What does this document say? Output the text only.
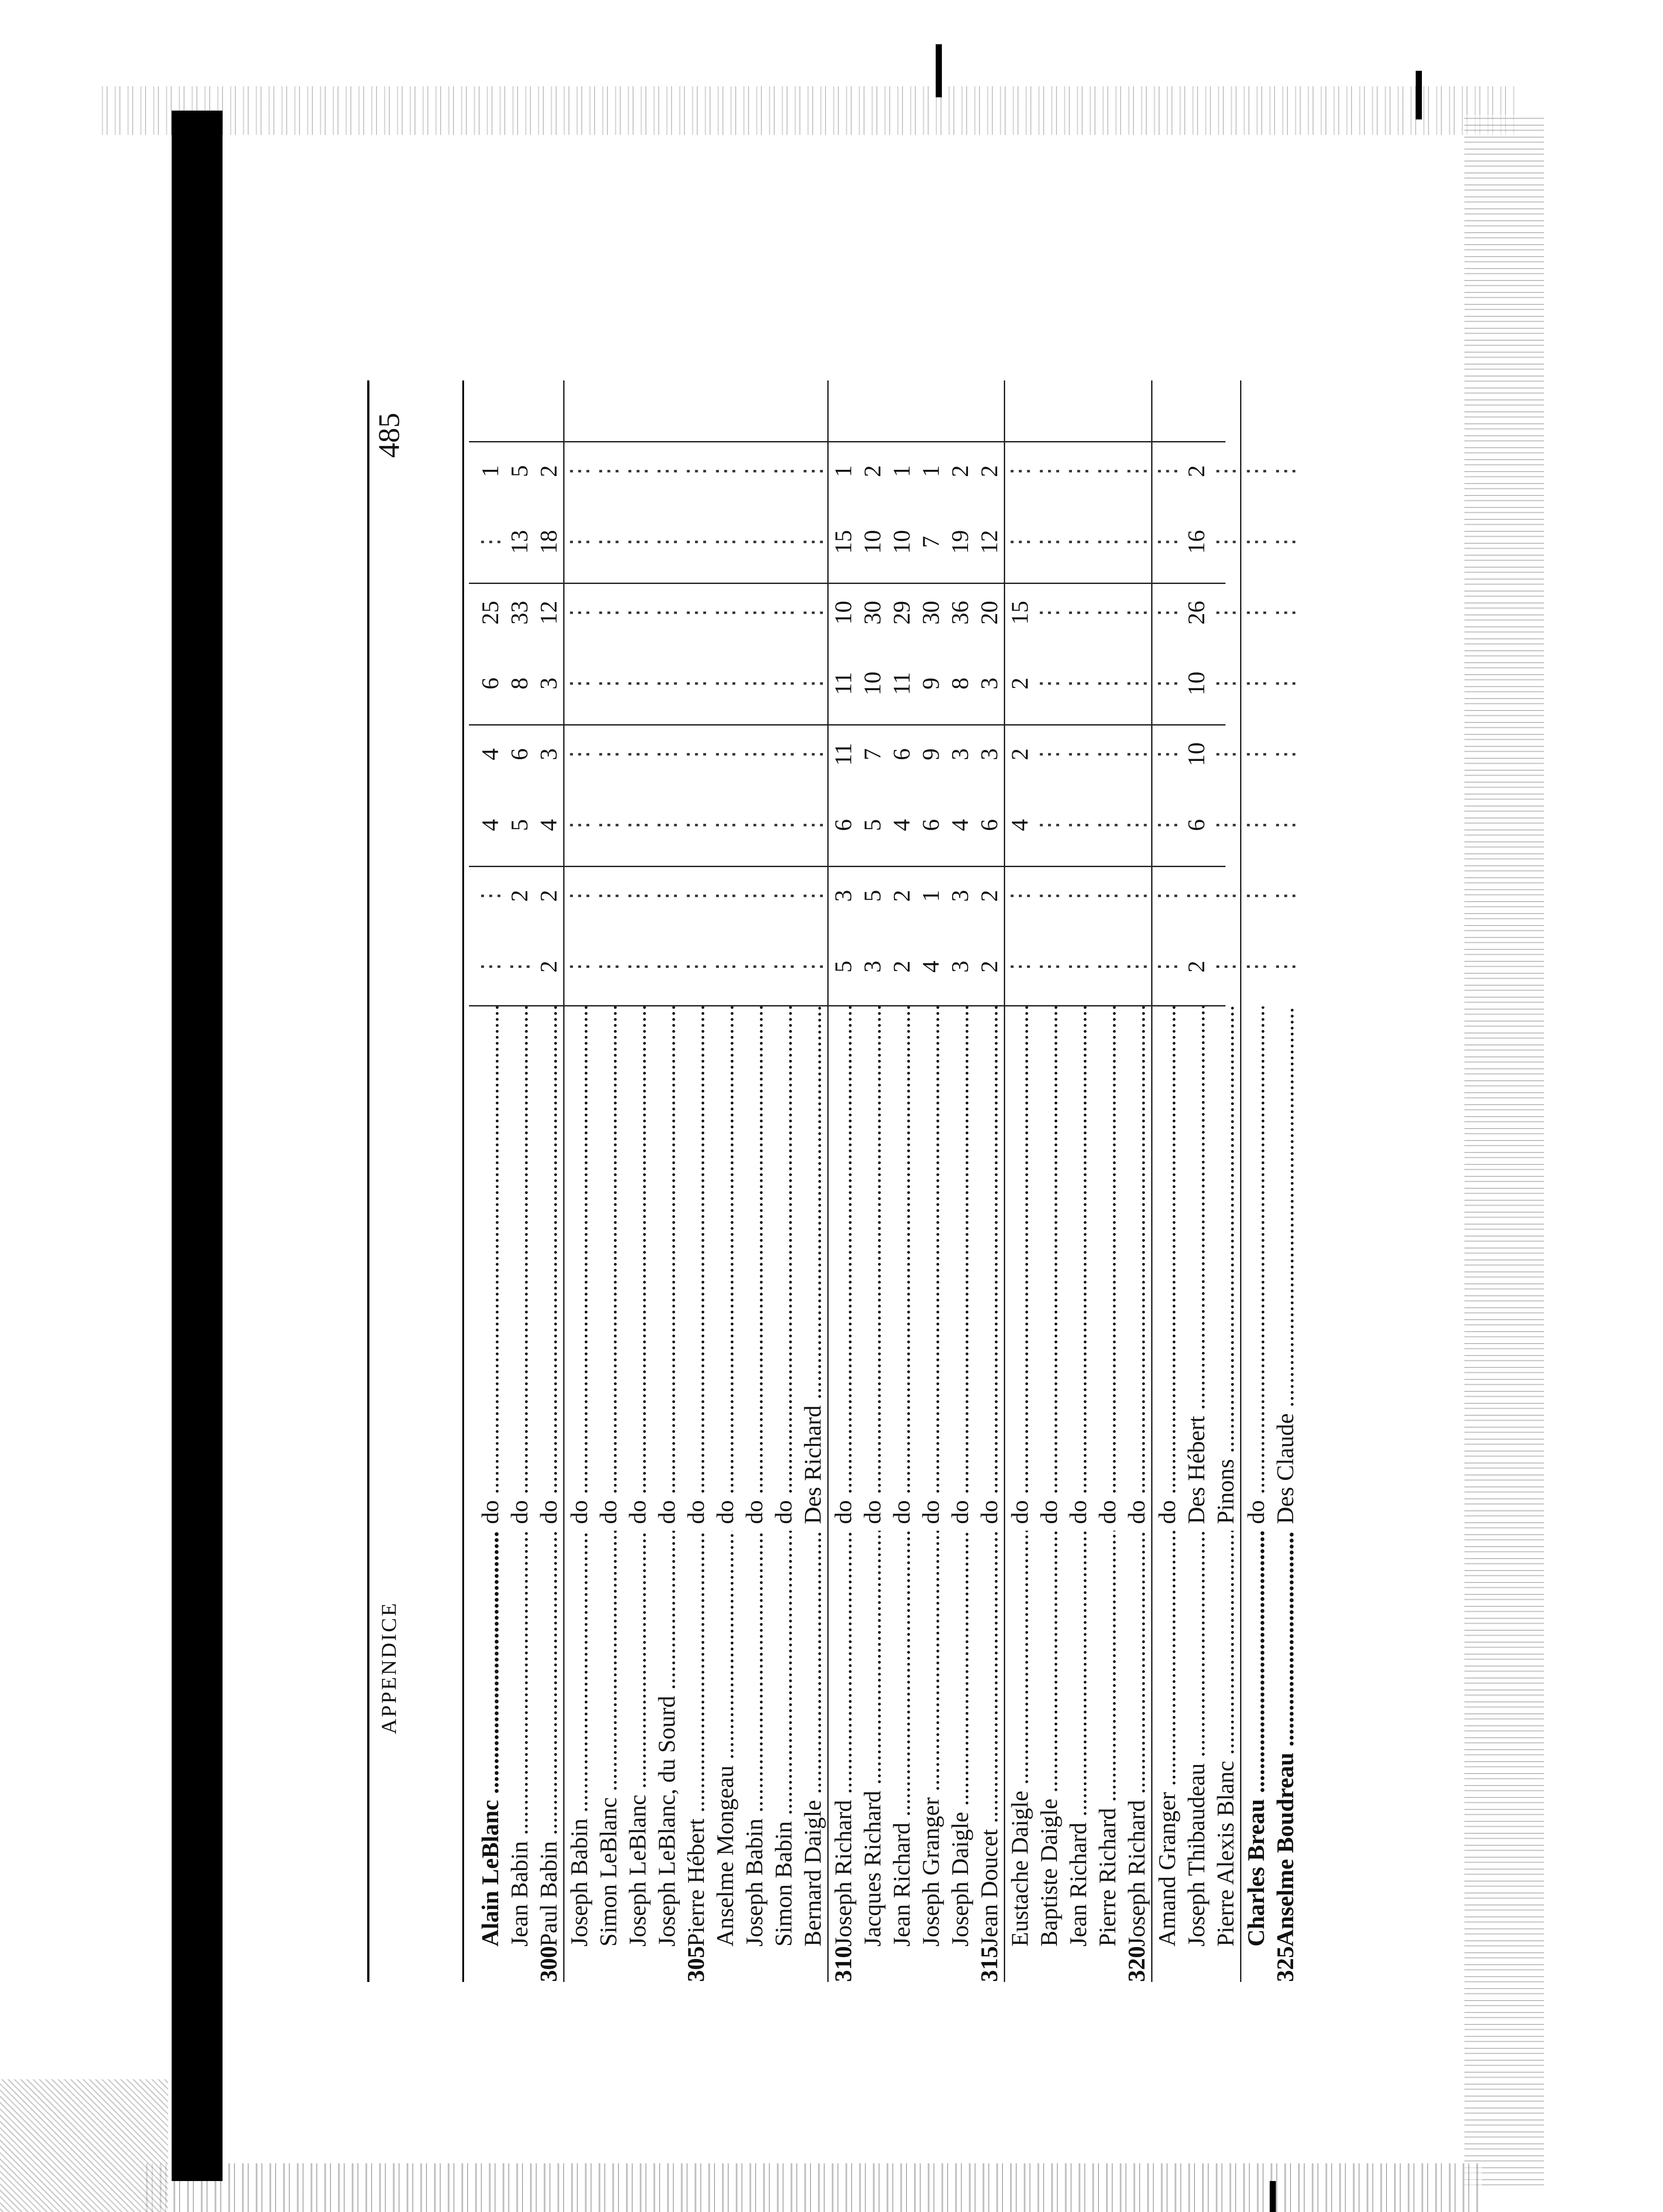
APPENDICE
485
Alain LeBlanc .....
do .....
⋮
⋮
4
4
6
25
⋮
1
Jean Babin .....
do .....
⋮
2
5
6
8
33
13
5
300
Paul Babin .....
do .....
2
2
4
3
3
12
18
2
Joseph Babin .....
do .....
⋮
⋮
⋮
⋮
⋮
⋮
⋮
⋮
Simon LeBlanc .....
do .....
⋮
⋮
⋮
⋮
⋮
⋮
⋮
⋮
Joseph LeBlanc .....
do .....
⋮
⋮
⋮
⋮
⋮
⋮
⋮
⋮
Joseph LeBlanc, du Sourd .....
do .....
⋮
⋮
⋮
⋮
⋮
⋮
⋮
⋮
305
Pierre Hébert .....
do .....
⋮
⋮
⋮
⋮
⋮
⋮
⋮
⋮
Anselme Mongeau .....
do .....
⋮
⋮
⋮
⋮
⋮
⋮
⋮
⋮
Joseph Babin .....
do .....
⋮
⋮
⋮
⋮
⋮
⋮
⋮
⋮
Simon Babin .....
do .....
⋮
⋮
⋮
⋮
⋮
⋮
⋮
⋮
Bernard Daigle .....
Des Richard .....
⋮
⋮
⋮
⋮
⋮
⋮
⋮
⋮
310
Joseph Richard .....
do .....
5
3
6
11
11
10
15
1
Jacques Richard .....
do .....
3
5
5
7
10
30
10
2
Jean Richard .....
do .....
2
2
4
6
11
29
10
1
Joseph Granger .....
do .....
4
1
6
9
9
30
7
1
Joseph Daigle .....
do .....
3
3
4
3
8
36
19
2
315
Jean Doucet .....
do .....
2
2
6
3
3
20
12
2
Eustache Daigle .....
do .....
⋮
⋮
4
2
2
15
⋮
⋮
Baptiste Daigle .....
do .....
⋮
⋮
⋮
⋮
⋮
⋮
⋮
⋮
Jean Richard .....
do .....
⋮
⋮
⋮
⋮
⋮
⋮
⋮
⋮
Pierre Richard .....
do .....
⋮
⋮
⋮
⋮
⋮
⋮
⋮
⋮
320
Joseph Richard .....
do .....
⋮
⋮
⋮
⋮
⋮
⋮
⋮
⋮
Amand Granger .....
do .....
⋮
⋮
⋮
⋮
⋮
⋮
⋮
⋮
Joseph Thibaudeau .....
Des Hébert .....
2
⋮
6
10
10
26
16
2
Pierre Alexis Blanc .....
Pinons .....
⋮
⋮
⋮
⋮
⋮
⋮
⋮
⋮
Charles Breau .....
do .....
⋮
⋮
⋮
⋮
⋮
⋮
⋮
⋮
325
Anselme Boudreau .....
Des Claude .....
⋮
⋮
⋮
⋮
⋮
⋮
⋮
⋮
